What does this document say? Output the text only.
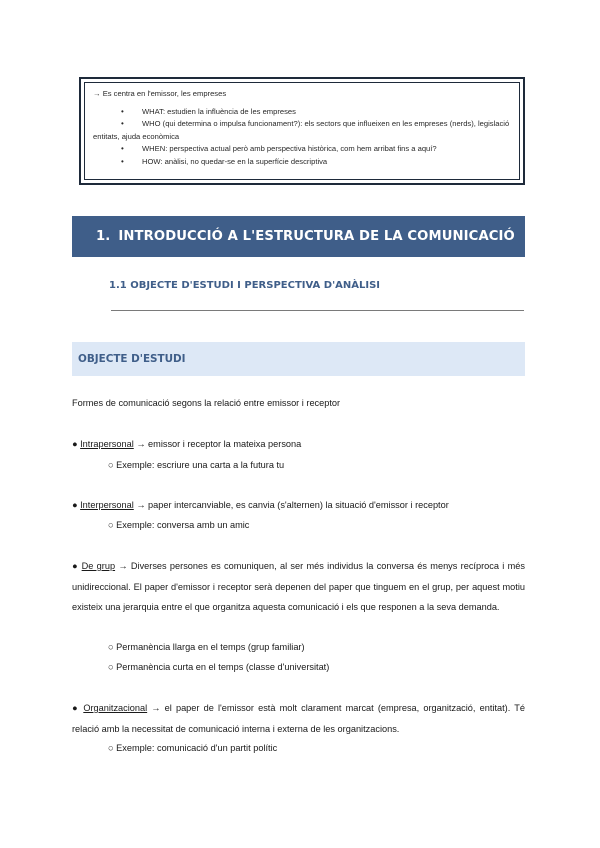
→ Es centra en l'emissor, les empreses
• WHAT: estudien la influència de les empreses
• WHO (qui determina o impulsa funcionament?): els sectors que influeixen en les empreses (nerds), legislació entitats, ajuda econòmica
• WHEN: perspectiva actual però amb perspectiva històrica, com hem arribat fins a aquí?
• HOW: anàlisi, no quedar-se en la superfície descriptiva
1. INTRODUCCIÓ A L'ESTRUCTURA DE LA COMUNICACIÓ
1.1 OBJECTE D'ESTUDI I PERSPECTIVA D'ANÀLISI
OBJECTE D'ESTUDI
Formes de comunicació segons la relació entre emissor i receptor
● Intrapersonal → emissor i receptor la mateixa persona
○ Exemple: escriure una carta a la futura tu
● Interpersonal → paper intercanviable, es canvia (s'alternen) la situació d'emissor i receptor
○ Exemple: conversa amb un amic
● De grup → Diverses persones es comuniquen, al ser més individus la conversa és menys recíproca i més unidireccional. El paper d'emissor i receptor serà depenen del paper que tinguem en el grup, per aquest motiu existeix una jerarquia entre el que organitza aquesta comunicació i els que responen a la seva demanda.
○ Permanència llarga en el temps (grup familiar)
○ Permanència curta en el temps (classe d'universitat)
● Organitzacional → el paper de l'emissor està molt clarament marcat (empresa, organització, entitat). Té relació amb la necessitat de comunicació interna i externa de les organitzacions.
○ Exemple: comunicació d'un partit polític
